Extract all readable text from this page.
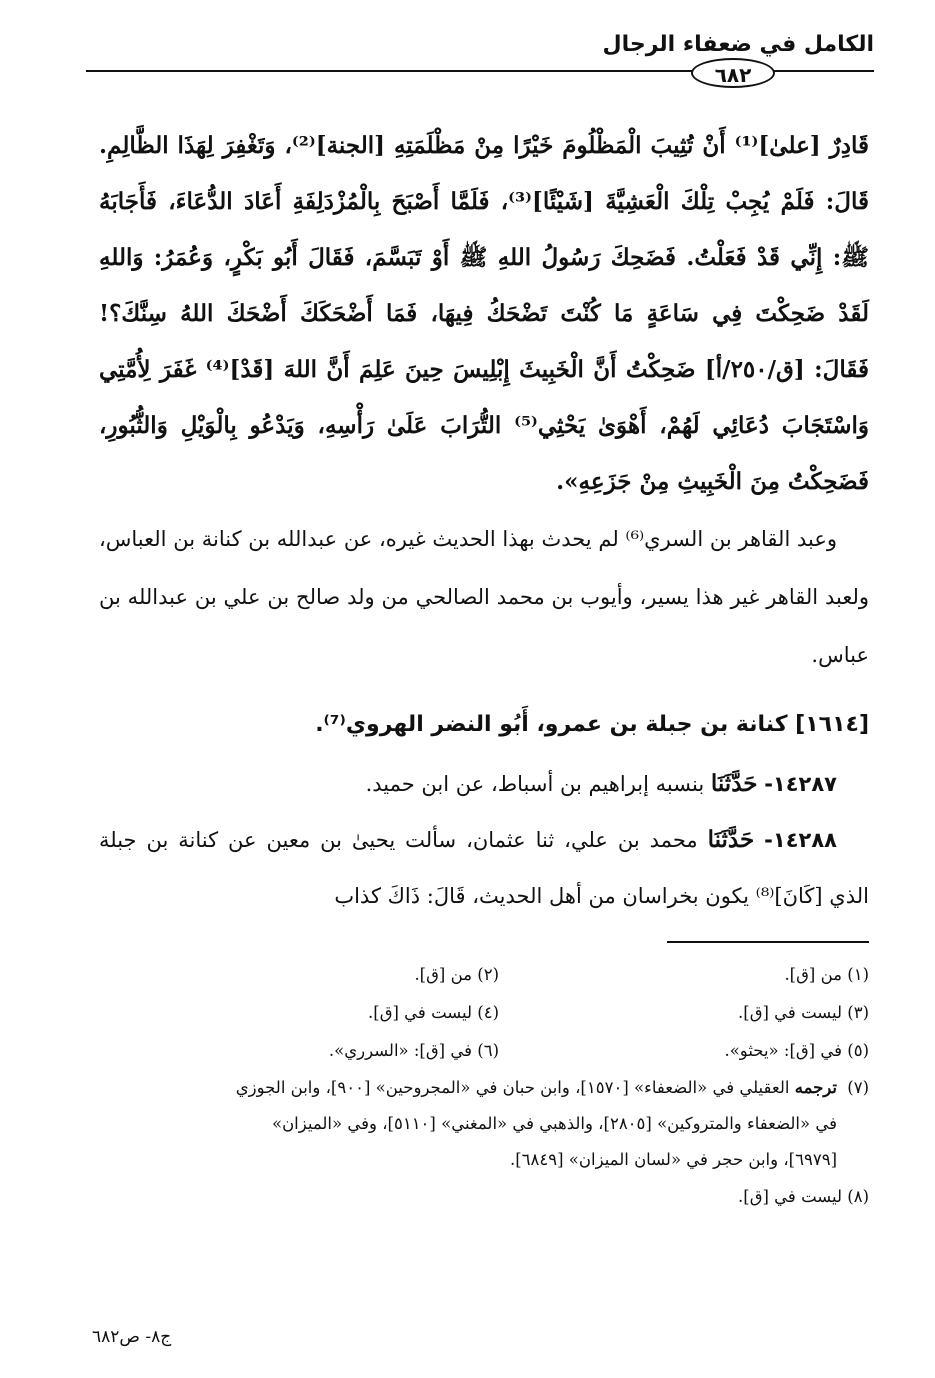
الكامل في ضعفاء الرجال
٦٨٢

قَادِرٌ [علىٰ]⁽¹⁾ أَنْ تُثِيبَ الْمَظْلُومَ خَيْرًا مِنْ مَظْلَمَتِهِ [الجنة]⁽²⁾، وَتَغْفِرَ لِهَذَا الظَّالِمِ. قَالَ: فَلَمْ يُجِبْ تِلْكَ الْعَشِيَّةَ [شَيْئًا]⁽³⁾، فَلَمَّا أَصْبَحَ بِالْمُزْدَلِفَةِ أَعَادَ الدُّعَاءَ، فَأَجَابَهُ ﷺ: إِنِّي قَدْ فَعَلْتُ. فَضَحِكَ رَسُولُ اللهِ ﷺ أَوْ تَبَسَّمَ، فَقَالَ أَبُو بَكْرٍ، وَعُمَرُ: وَاللهِ لَقَدْ ضَحِكْتَ فِي سَاعَةٍ مَا كُنْتَ تَضْحَكُ فِيهَا، فَمَا أَضْحَكَكَ أَضْحَكَ اللهُ سِنَّكَ؟! فَقَالَ: [ق/٢٥٠/أ] ضَحِكْتُ أَنَّ الْخَبِيثَ إِبْلِيسَ حِينَ عَلِمَ أَنَّ اللهَ [قَدْ]⁽⁴⁾ غَفَرَ لِأُمَّتِي وَاسْتَجَابَ دُعَائِي لَهُمْ، أَهْوَىٰ يَحْثِي⁽⁵⁾ التُّرَابَ عَلَىٰ رَأْسِهِ، وَيَدْعُو بِالْوَيْلِ وَالثُّبُورِ، فَضَحِكْتُ مِنَ الْخَبِيثِ مِنْ جَزَعِهِ».

وعبد القاهر بن السري⁽⁶⁾ لم يحدث بهذا الحديث غيره، عن عبدالله بن كنانة بن العباس، ولعبد القاهر غير هذا يسير، وأيوب بن محمد الصالحي من ولد صالح بن علي بن عبدالله بن عباس.

[١٦١٤] كنانة بن جبلة بن عمرو، أَبُو النضر الهروي⁽⁷⁾.

١٤٢٨٧- حَدَّثَنَا بنسبه إبراهيم بن أسباط، عن ابن حميد.

١٤٢٨٨- حَدَّثَنَا محمد بن علي، ثنا عثمان، سألت يحيىٰ بن معين عن كنانة بن جبلة الذي [كَانَ]⁽⁸⁾ يكون بخراسان من أهل الحديث، قَالَ: ذَاكَ كذاب

(١) من [ق].
(٢) من [ق].
(٣) ليست في [ق].
(٤) ليست في [ق].
(٥) في [ق]: «يحثو».
(٦) في [ق]: «السرري».

(٧)ترجمه العقيلي في «الضعفاء» [١٥٧٠]، وابن حبان في «المجروحين» [٩٠٠]، وابن الجوزي

في «الضعفاء والمتروكين» [٢٨٠٥]، والذهبي في «المغني» [٥١١٠]، وفي «الميزان»

[٦٩٧٩]، وابن حجر في «لسان الميزان» [٦٨٤٩].

(٨) ليست في [ق].
ج٨- ص٦٨٢
